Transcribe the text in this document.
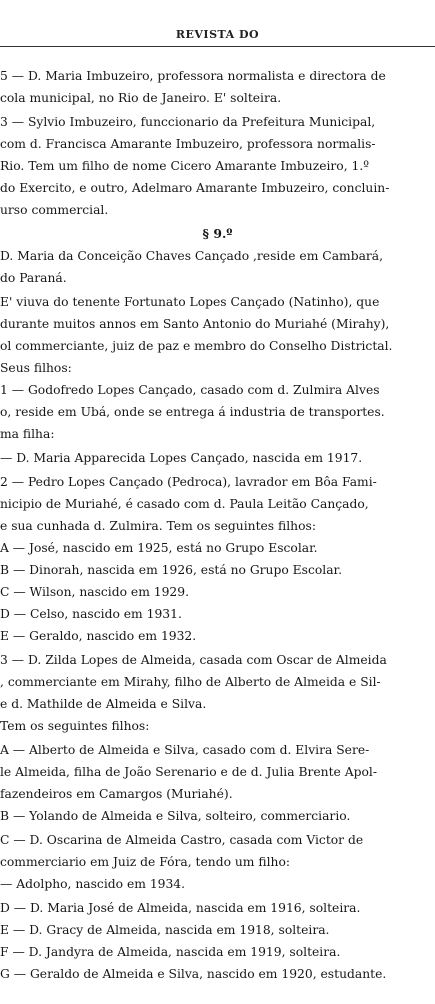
REVISTA DO
5 — D. Maria Imbuzeiro, professora normalista e directora de
cola municipal, no Rio de Janeiro. E' solteira.
3 — Sylvio Imbuzeiro, funccionario da Prefeitura Municipal,
com d. Francisca Amarante Imbuzeiro, professora normalis-
Rio. Tem um filho de nome Cicero Amarante Imbuzeiro, 1.º
do Exercito, e outro, Adelmaro Amarante Imbuzeiro, concluin-
urso commercial.
§ 9.º
D. Maria da Conceição Chaves Cançado ,reside em Cambará,
do Paraná.
E' viuva do tenente Fortunato Lopes Cançado (Natinho), que
durante muitos annos em Santo Antonio do Muriahé (Mirahy),
ol commerciante, juiz de paz e membro do Conselho Districtal.
Seus filhos:
1 — Godofredo Lopes Cançado, casado com d. Zulmira Alves
o, reside em Ubá, onde se entrega á industria de transportes.
ma filha:
— D. Maria Apparecida Lopes Cançado, nascida em 1917.
2 — Pedro Lopes Cançado (Pedroca), lavrador em Bôa Fami-
nicipio de Muriahé, é casado com d. Paula Leitão Cançado,
e sua cunhada d. Zulmira. Tem os seguintes filhos:
A — José, nascido em 1925, está no Grupo Escolar.
B — Dinorah, nascida em 1926, está no Grupo Escolar.
C — Wilson, nascido em 1929.
D — Celso, nascido em 1931.
E — Geraldo, nascido em 1932.
3 — D. Zilda Lopes de Almeida, casada com Oscar de Almeida
, commerciante em Mirahy, filho de Alberto de Almeida e Sil-
e d. Mathilde de Almeida e Silva.
Tem os seguintes filhos:
A — Alberto de Almeida e Silva, casado com d. Elvira Sere-
le Almeida, filha de João Serenario e de d. Julia Brente Apol-
fazendeiros em Camargos (Muriahé).
B — Yolando de Almeida e Silva, solteiro, commerciario.
C — D. Oscarina de Almeida Castro, casada com Victor de
commerciario em Juiz de Fóra, tendo um filho:
— Adolpho, nascido em 1934.
D — D. Maria José de Almeida, nascida em 1916, solteira.
E — D. Gracy de Almeida, nascida em 1918, solteira.
F — D. Jandyra de Almeida, nascida em 1919, solteira.
G — Geraldo de Almeida e Silva, nascido em 1920, estudante.
